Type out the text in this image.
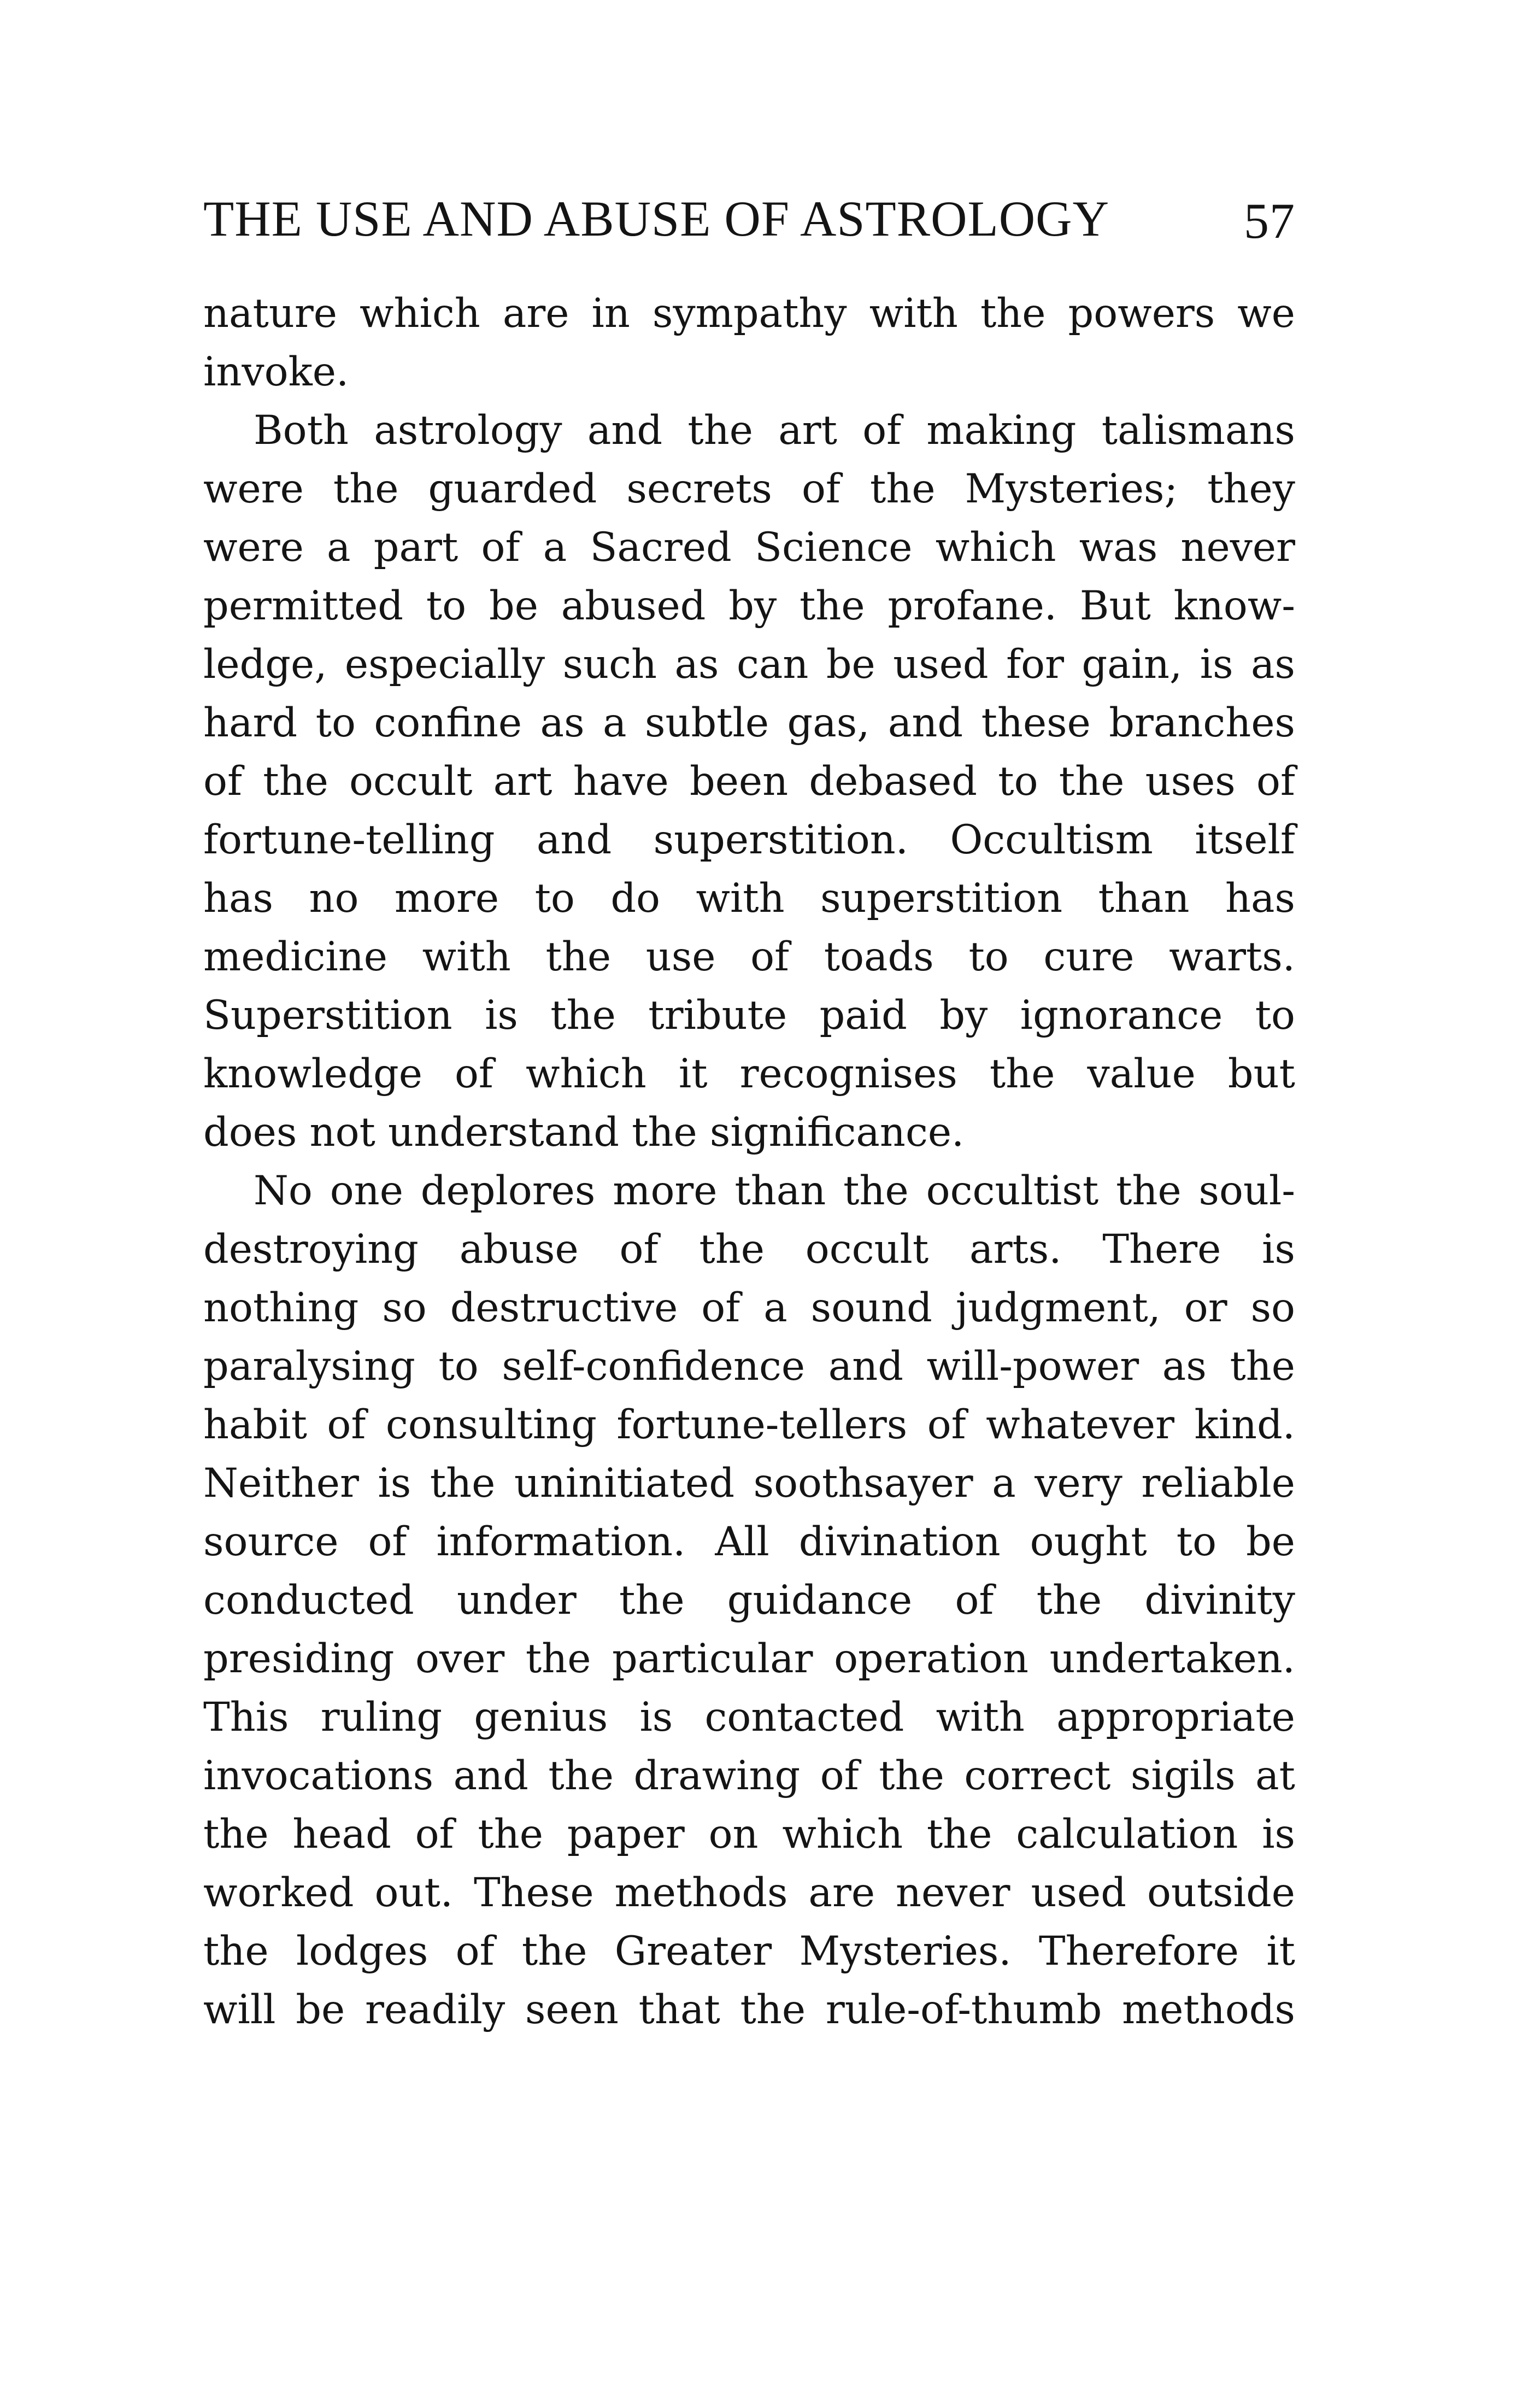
THE USE AND ABUSE OF ASTROLOGY	57
nature which are in sympathy with the powers we
invoke.
Both astrology and the art of making talismans
were the guarded secrets of the Mysteries; they
were a part of a Sacred Science which was never
permitted to be abused by the profane. But know-
ledge, especially such as can be used for gain, is as
hard to confine as a subtle gas, and these branches
of the occult art have been debased to the uses of
fortune-telling and superstition. Occultism itself
has no more to do with superstition than has
medicine with the use of toads to cure warts.
Superstition is the tribute paid by ignorance to
knowledge of which it recognises the value but
does not understand the significance.
No one deplores more than the occultist the soul-
destroying abuse of the occult arts. There is
nothing so destructive of a sound judgment, or so
paralysing to self-confidence and will-power as the
habit of consulting fortune-tellers of whatever kind.
Neither is the uninitiated soothsayer a very reliable
source of information. All divination ought to be
conducted under the guidance of the divinity
presiding over the particular operation undertaken.
This ruling genius is contacted with appropriate
invocations and the drawing of the correct sigils at
the head of the paper on which the calculation is
worked out. These methods are never used outside
the lodges of the Greater Mysteries. Therefore it
will be readily seen that the rule-of-thumb methods
